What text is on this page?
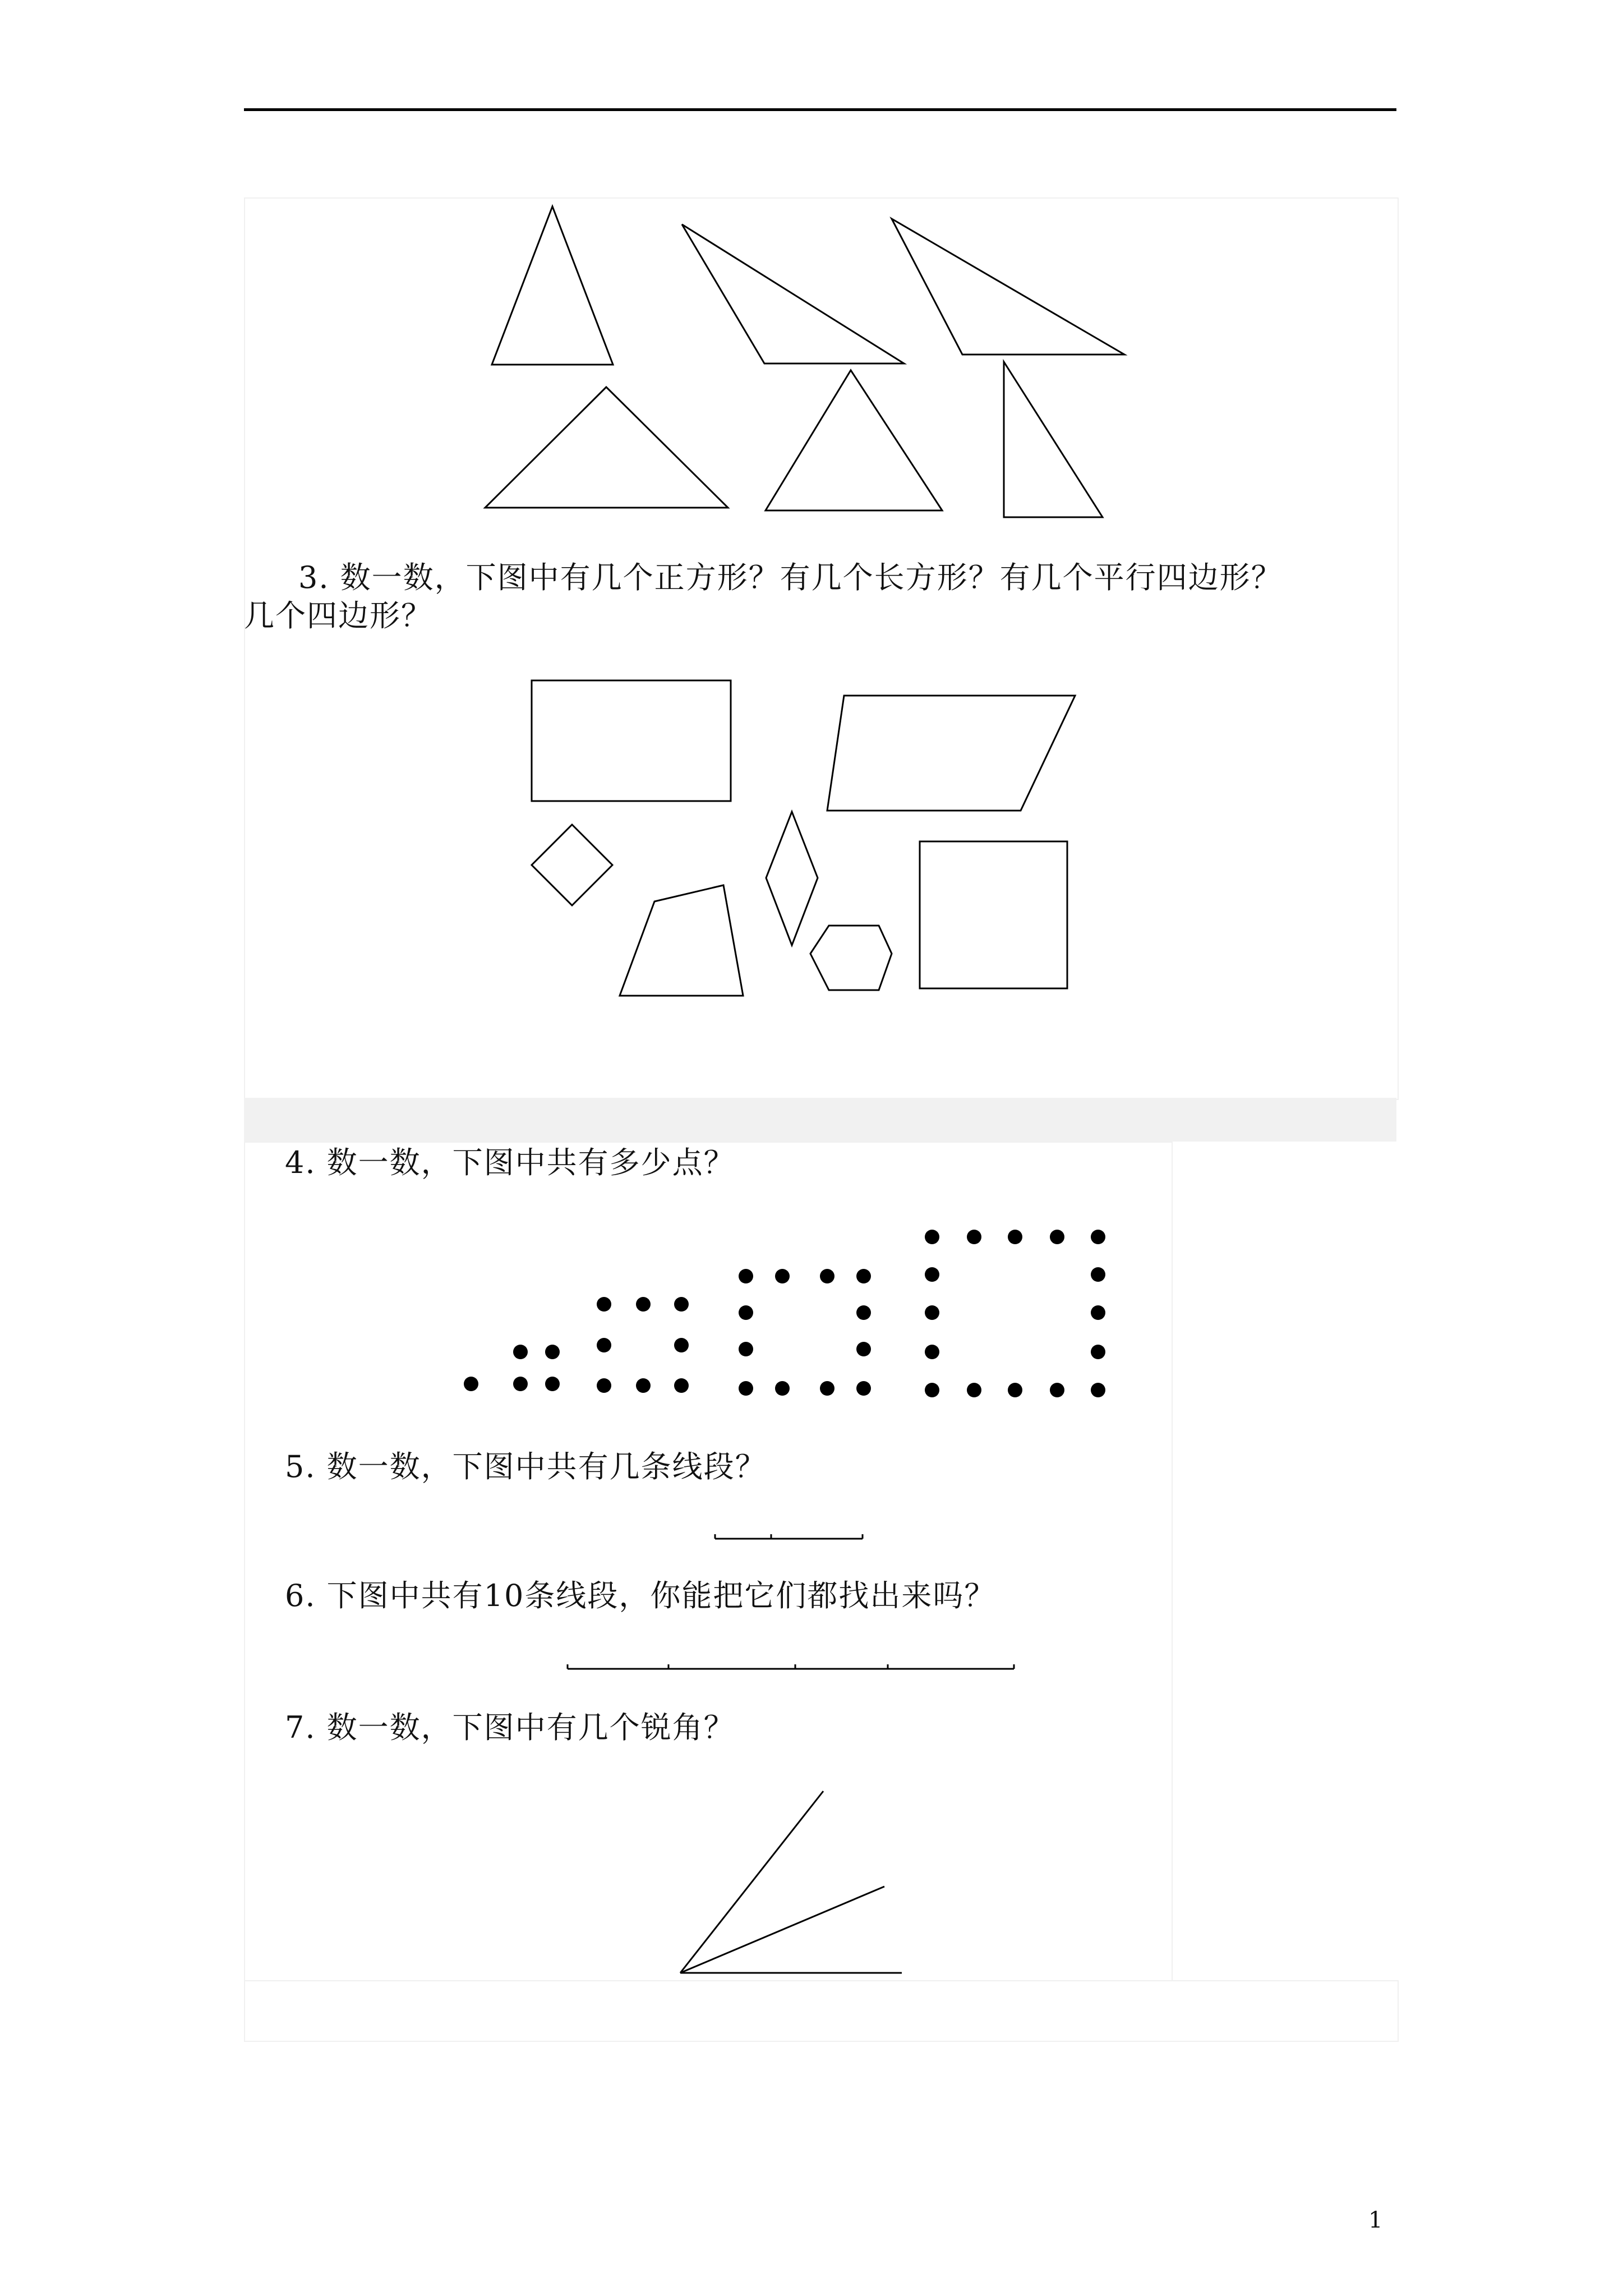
3. 数一数，下图中有几个正方形？有几个长方形？有几个平行四边形？
几个四边形？
4. 数一数，下图中共有多少点？
5. 数一数，下图中共有几条线段？
6. 下图中共有10条线段，你能把它们都找出来吗？
7. 数一数，下图中有几个锐角？
1
